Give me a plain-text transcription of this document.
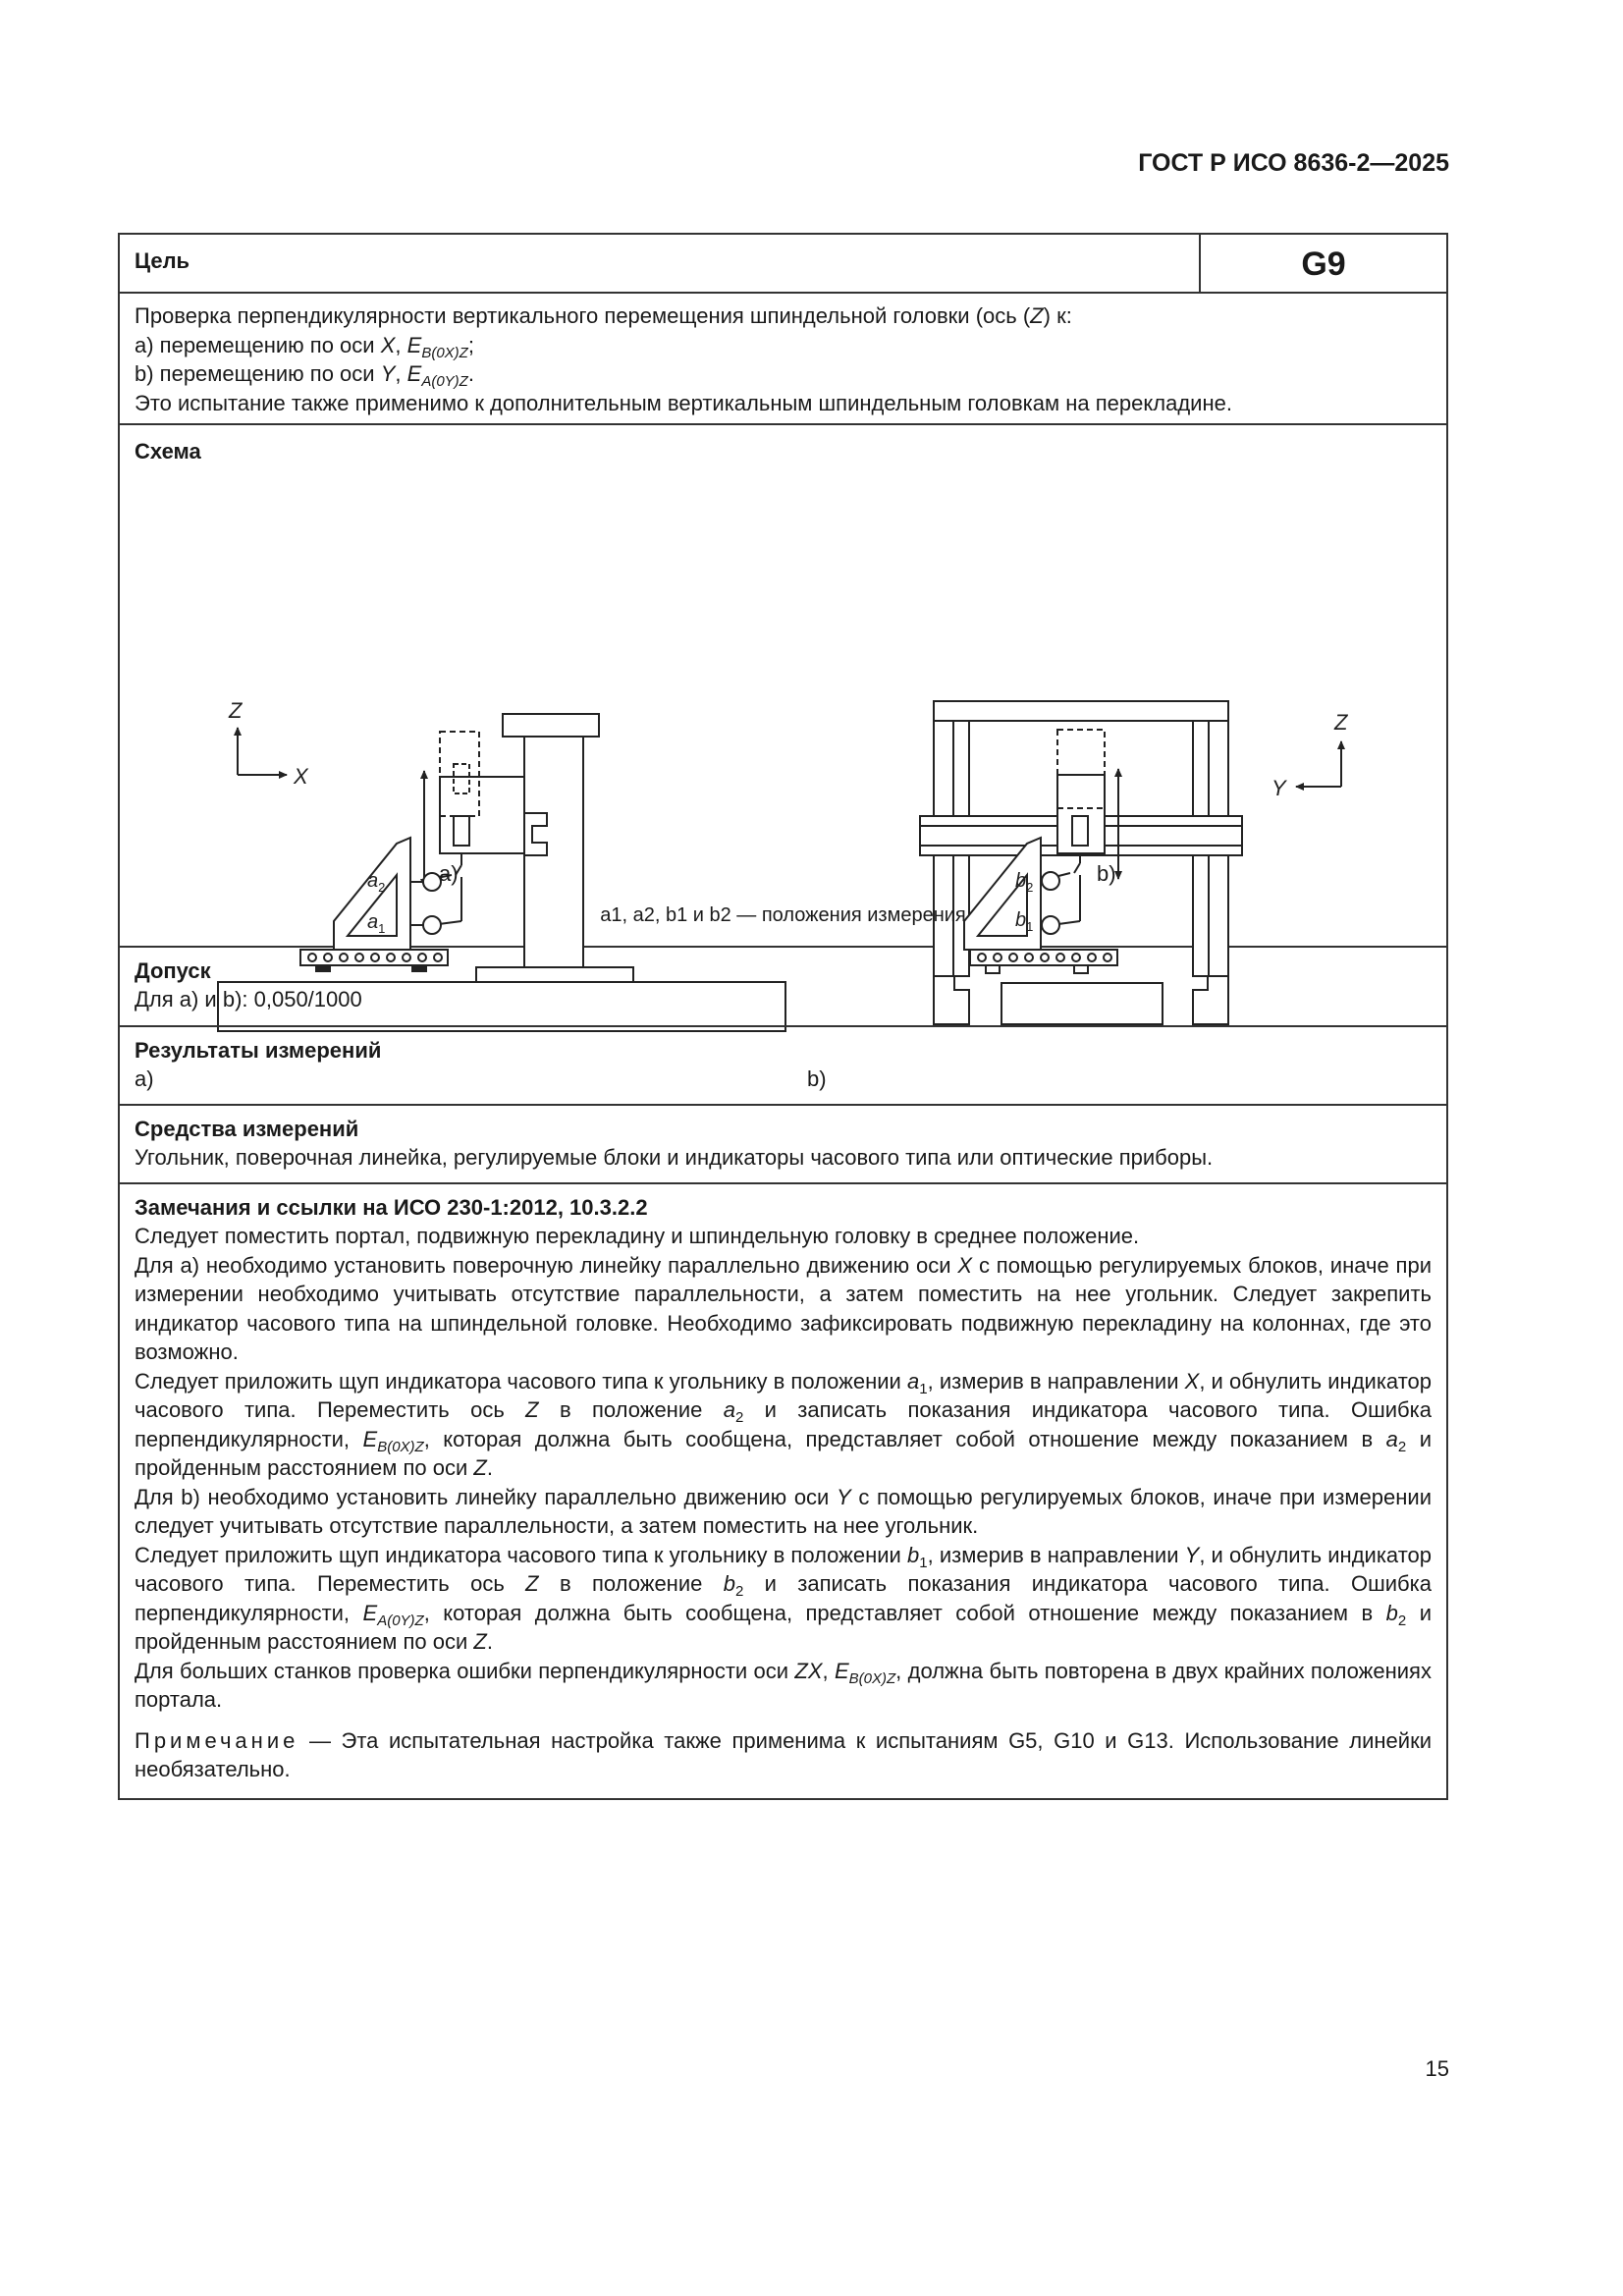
ГОСТ Р ИСО 8636-2—2025
Цель	G9
Проверка перпендикулярности вертикального перемещения шпиндельной головки (ось (Z) к:
a) перемещению по оси X, $E_{B(0X)Z}$;
b) перемещению по оси Y, $E_{A(0Y)Z}$.
Это испытание также применимо к дополнительным вертикальным шпиндельным головкам на перекладине.
Схема
Z
X
$a_2$
$a_1$
Z
Y
$b_2$
$b_1$
a)	b)
a1, a2, b1 и b2 — положения измерения
Допуск
Для a) и b): 0,050/1000
Результаты измерений
a)	b)
Средства измерений
Угольник, поверочная линейка, регулируемые блоки и индикаторы часового типа или оптические приборы.
Замечания и ссылки на ИСО 230-1:2012, 10.3.2.2

Следует поместить портал, подвижную перекладину и шпиндельную головку в среднее положение.

Для a) необходимо установить поверочную линейку параллельно движению оси X с помощью регулируемых блоков, иначе при измерении необходимо учитывать отсутствие параллельности, а затем поместить на нее угольник. Следует закрепить индикатор часового типа на шпиндельной головке. Необходимо зафиксировать подвижную перекладину на колоннах, где это возможно.

Следует приложить щуп индикатора часового типа к угольнику в положении $a_1$, измерив в направлении X, и обнулить индикатор часового типа. Переместить ось Z в положение $a_2$ и записать показания индикатора часового типа. Ошибка перпендикулярности, $E_{B(0X)Z}$, которая должна быть сообщена, представляет собой отношение между показанием в $a_2$ и пройденным расстоянием по оси Z.

Для b) необходимо установить линейку параллельно движению оси Y с помощью регулируемых блоков, иначе при измерении следует учитывать отсутствие параллельности, а затем поместить на нее угольник.

Следует приложить щуп индикатора часового типа к угольнику в положении $b_1$, измерив в направлении Y, и обнулить индикатор часового типа. Переместить ось Z в положение $b_2$ и записать показания индикатора часового типа. Ошибка перпендикулярности, $E_{A(0Y)Z}$, которая должна быть сообщена, представляет собой отношение между показанием в $b_2$ и пройденным расстоянием по оси Z.

Для больших станков проверка ошибки перпендикулярности оси ZX, $E_{B(0X)Z}$, должна быть повторена в двух крайних положениях портала.

Примечание — Эта испытательная настройка также применима к испытаниям G5, G10 и G13. Использование линейки необязательно.

15
